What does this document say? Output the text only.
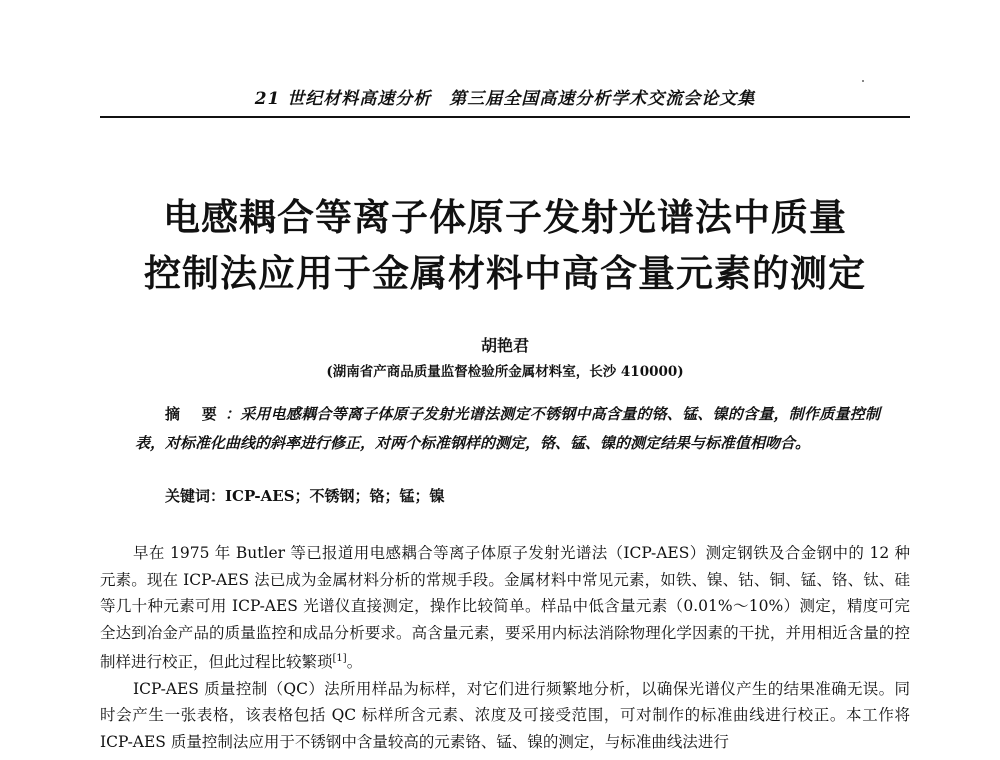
21 世纪材料高速分析　第三届全国高速分析学术交流会论文集
电感耦合等离子体原子发射光谱法中质量
控制法应用于金属材料中高含量元素的测定
胡艳君
(湖南省产商品质量监督检验所金属材料室，长沙 410000)
摘 要：采用电感耦合等离子体原子发射光谱法测定不锈钢中高含量的铬、锰、镍的含量，制作质量控制表，对标准化曲线的斜率进行修正，对两个标准钢样的测定，铬、锰、镍的测定结果与标准值相吻合。
关键词：ICP-AES；不锈钢；铬；锰；镍

早在 1975 年 Butler 等已报道用电感耦合等离子体原子发射光谱法（ICP-AES）测定钢铁及合金钢中的 12 种元素。现在 ICP-AES 法已成为金属材料分析的常规手段。金属材料中常见元素，如铁、镍、钴、铜、锰、铬、钛、硅等几十种元素可用 ICP-AES 光谱仪直接测定，操作比较简单。样品中低含量元素（0.01%～10%）测定，精度可完全达到冶金产品的质量监控和成品分析要求。高含量元素，要采用内标法消除物理化学因素的干扰，并用相近含量的控制样进行校正，但此过程比较繁琐[1]。

ICP-AES 质量控制（QC）法所用样品为标样，对它们进行频繁地分析，以确保光谱仪产生的结果准确无误。同时会产生一张表格，该表格包括 QC 标样所含元素、浓度及可接受范围，可对制作的标准曲线进行校正。本工作将 ICP-AES 质量控制法应用于不锈钢中含量较高的元素铬、锰、镍的测定，与标准曲线法进行
